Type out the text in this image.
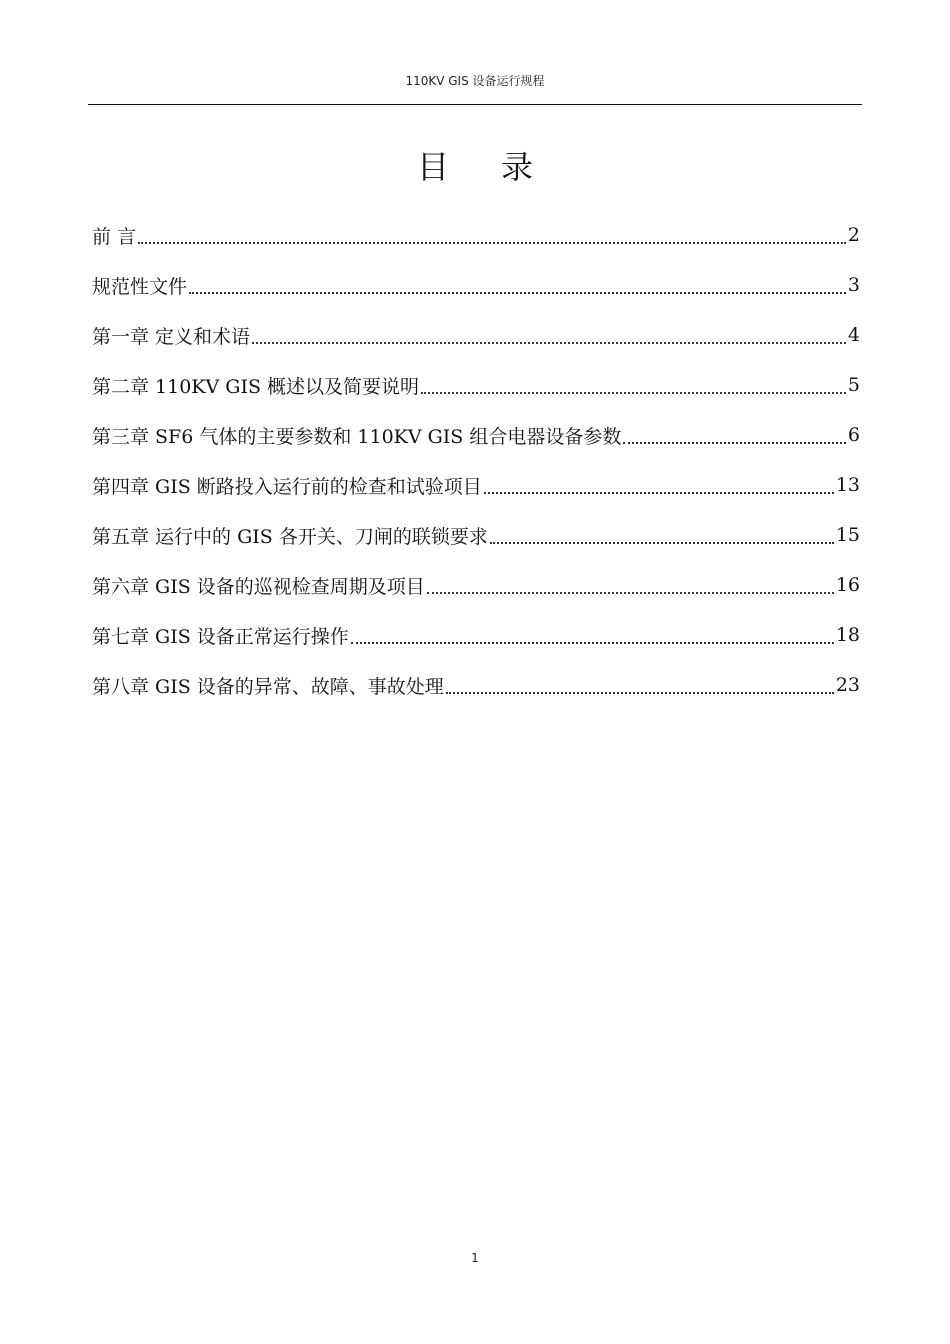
110KV GIS 设备运行规程
目录
前 言	2
规范性文件	3
第一章 定义和术语	4
第二章 110KV GIS 概述以及简要说明	5
第三章 SF6 气体的主要参数和 110KV GIS 组合电器设备参数	6
第四章 GIS 断路投入运行前的检查和试验项目	13
第五章 运行中的 GIS 各开关、刀闸的联锁要求	15
第六章 GIS 设备的巡视检查周期及项目	16
第七章 GIS 设备正常运行操作	18
第八章 GIS 设备的异常、故障、事故处理	23
1
